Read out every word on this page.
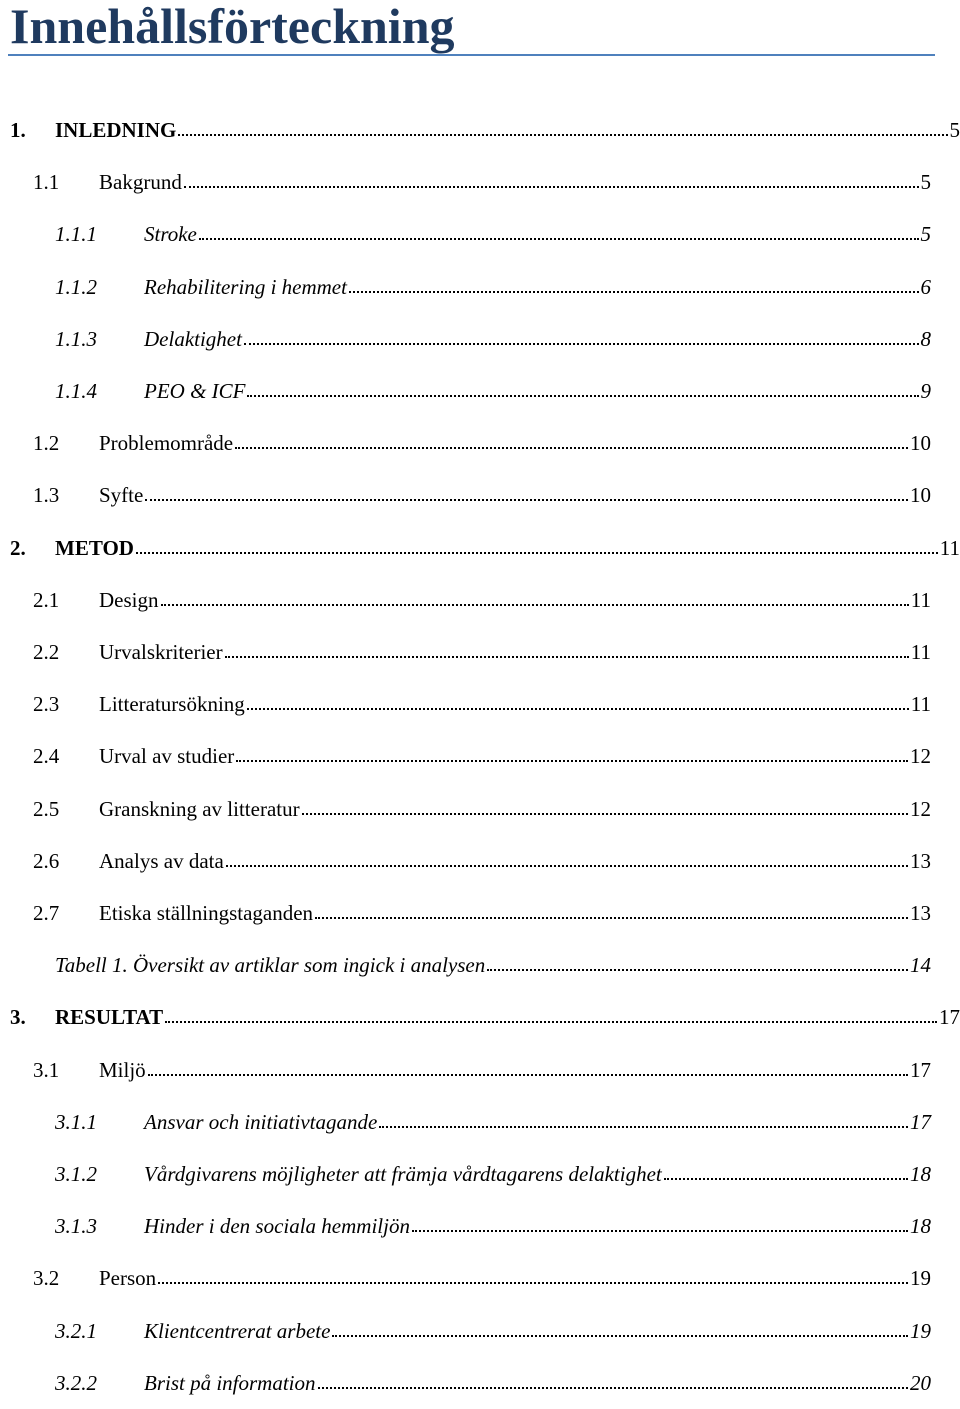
Innehållsförteckning
1.	INLEDNING	5
1.1	Bakgrund	5
1.1.1	Stroke	5
1.1.2	Rehabilitering i hemmet	6
1.1.3	Delaktighet	8
1.1.4	PEO & ICF	9
1.2	Problemområde	10
1.3	Syfte	10
2.	METOD	11
2.1	Design	11
2.2	Urvalskriterier	11
2.3	Litteratursökning	11
2.4	Urval av studier	12
2.5	Granskning av litteratur	12
2.6	Analys av data	13
2.7	Etiska ställningstaganden	13
Tabell 1. Översikt av artiklar som ingick i analysen	14
3.	RESULTAT	17
3.1	Miljö	17
3.1.1	Ansvar och initiativtagande	17
3.1.2	Vårdgivarens möjligheter att främja vårdtagarens delaktighet	18
3.1.3	Hinder i den sociala hemmiljön	18
3.2	Person	19
3.2.1	Klientcentrerat arbete	19
3.2.2	Brist på information	20
